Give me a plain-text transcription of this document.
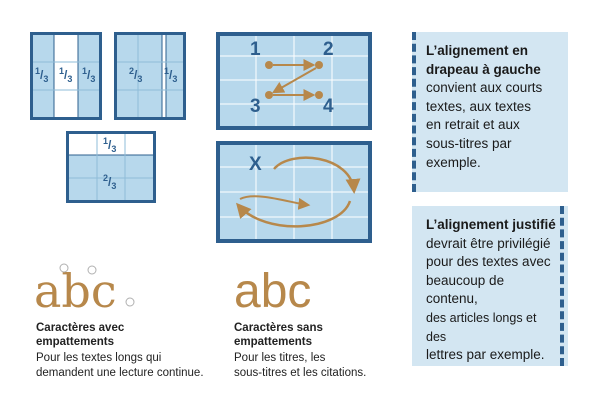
$^1/_3$
$^1/_3$
$^1/_3$
$^2/_3$
$^1/_3$
$^1/_3$
$^2/_3$
1	2
3	4
X
L’alignement en drapeau à gauche
convient aux courts
textes, aux textes
en retrait et aux
sous-titres par
exemple.
L’alignement justifié
devrait être privilégié
pour des textes avec
beaucoup de contenu,
des articles longs et des
lettres par exemple.
abc
Caractères avec
empattements
Pour les textes longs qui
demandent une lecture continue.
abc
Caractères sans
empattements
Pour les titres, les
sous-titres et les citations.
